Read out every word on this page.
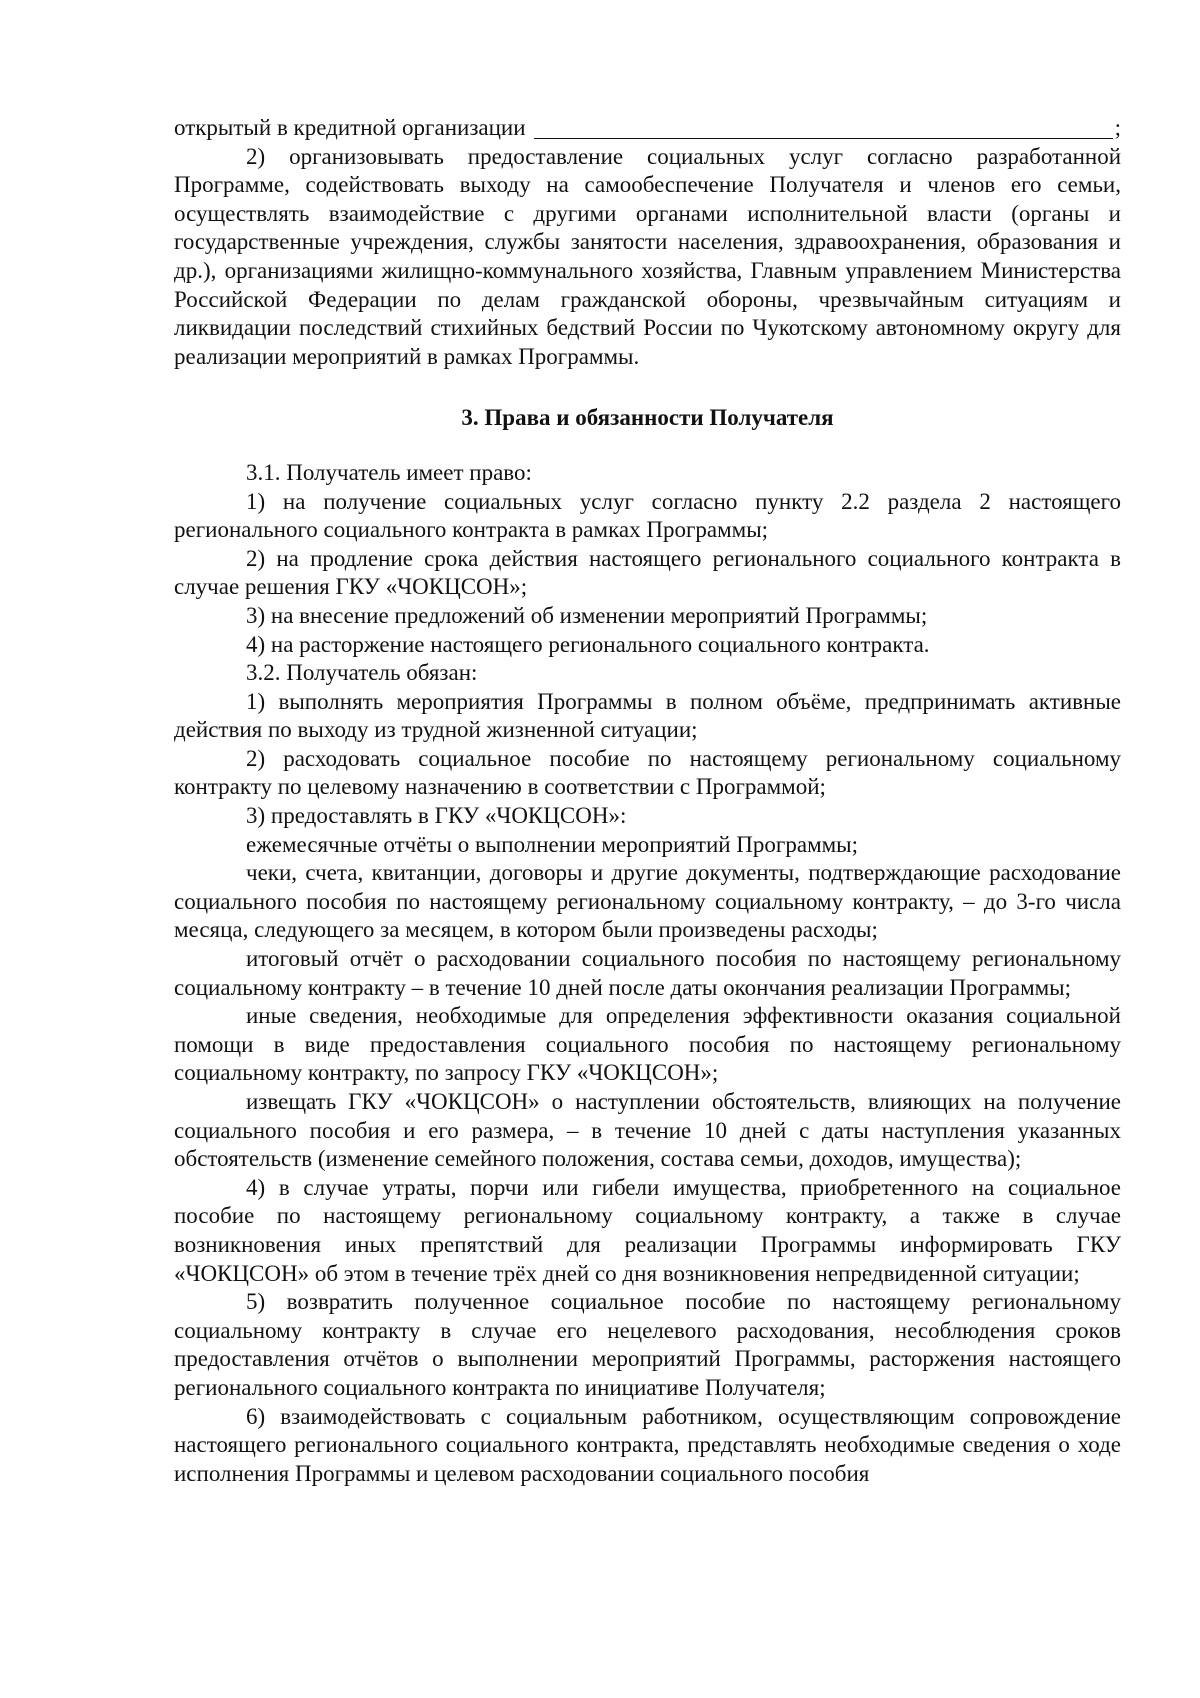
открытый в кредитной организации	;

2) организовывать предоставление социальных услуг согласно разработанной Программе, содействовать выходу на самообеспечение Получателя и членов его семьи, осуществлять взаимодействие с другими органами исполнительной власти (органы и государственные учреждения, службы занятости населения, здравоохранения, образования и др.), организациями жилищно-коммунального хозяйства, Главным управлением Министерства Российской Федерации по делам гражданской обороны, чрезвычайным ситуациям и ликвидации последствий стихийных бедствий России по Чукотскому автономному округу для реализации мероприятий в рамках Программы.

3. Права и обязанности Получателя

3.1. Получатель имеет право:

1) на получение социальных услуг согласно пункту 2.2 раздела 2 настоящего регионального социального контракта в рамках Программы;

2) на продление срока действия настоящего регионального социального контракта в случае решения ГКУ «ЧОКЦСОН»;

3) на внесение предложений об изменении мероприятий Программы;

4) на расторжение настоящего регионального социального контракта.

3.2. Получатель обязан:

1) выполнять мероприятия Программы в полном объёме, предпринимать активные действия по выходу из трудной жизненной ситуации;

2) расходовать социальное пособие по настоящему региональному социальному контракту по целевому назначению в соответствии с Программой;

3) предоставлять в ГКУ «ЧОКЦСОН»:

ежемесячные отчёты о выполнении мероприятий Программы;

чеки, счета, квитанции, договоры и другие документы, подтверждающие расходование социального пособия по настоящему региональному социальному контракту, – до 3-го числа месяца, следующего за месяцем, в котором были произведены расходы;

итоговый отчёт о расходовании социального пособия по настоящему региональному социальному контракту – в течение 10 дней после даты окончания реализации Программы;

иные сведения, необходимые для определения эффективности оказания социальной помощи в виде предоставления социального пособия по настоящему региональному социальному контракту, по запросу ГКУ «ЧОКЦСОН»;

извещать ГКУ «ЧОКЦСОН» о наступлении обстоятельств, влияющих на получение социального пособия и его размера, – в течение 10 дней с даты наступления указанных обстоятельств (изменение семейного положения, состава семьи, доходов, имущества);

4) в случае утраты, порчи или гибели имущества, приобретенного на социальное пособие по настоящему региональному социальному контракту, а также в случае возникновения иных препятствий для реализации Программы информировать ГКУ «ЧОКЦСОН» об этом в течение трёх дней со дня возникновения непредвиденной ситуации;

5) возвратить полученное социальное пособие по настоящему региональному социальному контракту в случае его нецелевого расходования, несоблюдения сроков предоставления отчётов о выполнении мероприятий Программы, расторжения настоящего регионального социального контракта по инициативе Получателя;

6) взаимодействовать с социальным работником, осуществляющим сопровождение настоящего регионального социального контракта, представлять необходимые сведения о ходе исполнения Программы и целевом расходовании социального пособия
